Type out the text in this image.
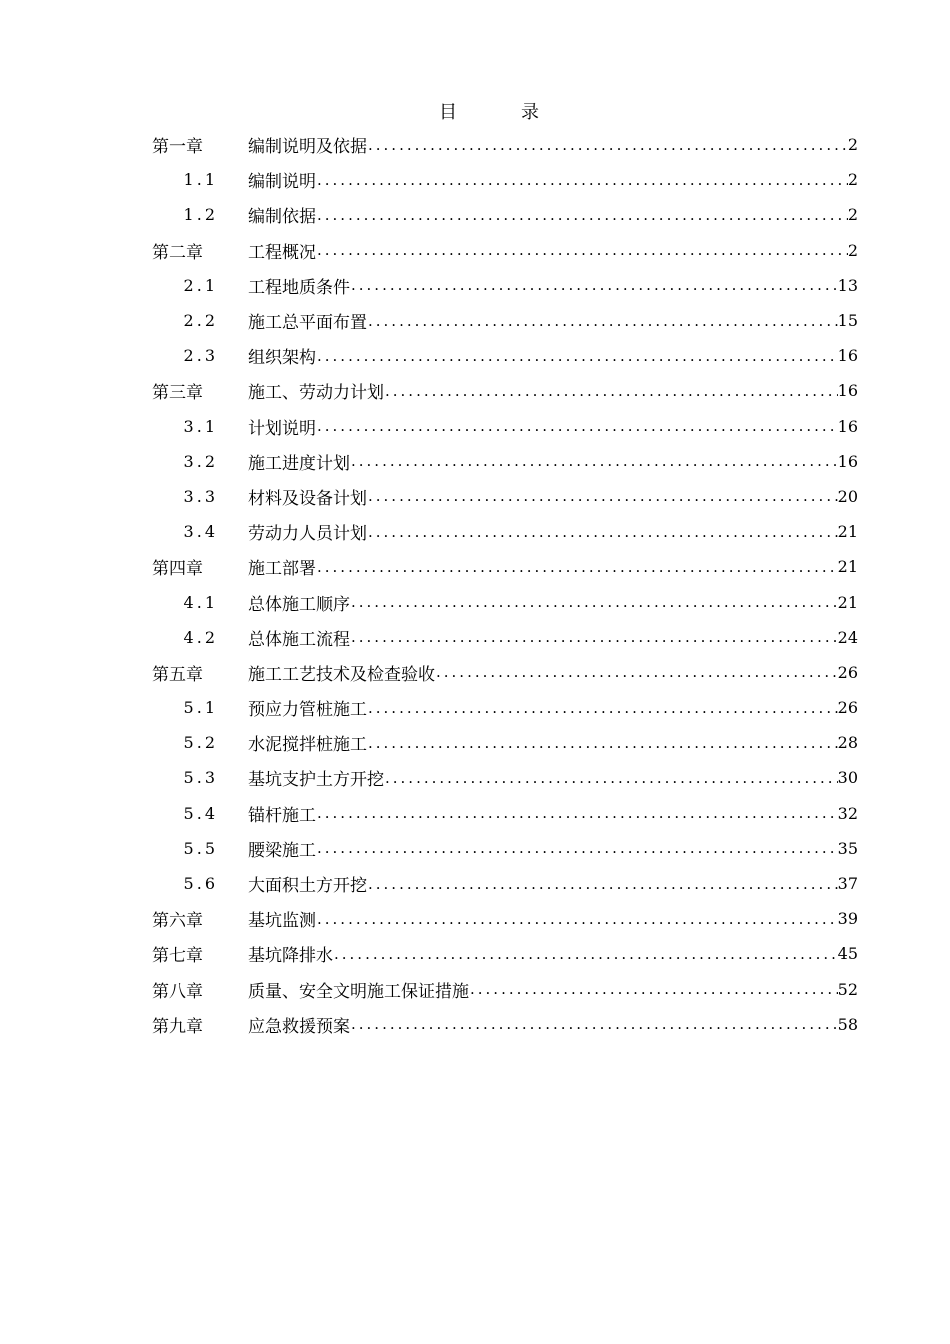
目	录
第一章	编制说明及依据 .....	2
1.1	编制说明 .....	2
1.2	编制依据 .....	2
第二章	工程概况 .....	2
2.1	工程地质条件 .....	13
2.2	施工总平面布置 .....	15
2.3	组织架构 .....	16
第三章	施工、劳动力计划 .....	16
3.1	计划说明 .....	16
3.2	施工进度计划 .....	16
3.3	材料及设备计划 .....	20
3.4	劳动力人员计划 .....	21
第四章	施工部署 .....	21
4.1	总体施工顺序 .....	21
4.2	总体施工流程 .....	24
第五章	施工工艺技术及检查验收 .....	26
5.1	预应力管桩施工 .....	26
5.2	水泥搅拌桩施工 .....	28
5.3	基坑支护土方开挖 .....	30
5.4	锚杆施工 .....	32
5.5	腰梁施工 .....	35
5.6	大面积土方开挖 .....	37
第六章	基坑监测 .....	39
第七章	基坑降排水 .....	45
第八章	质量、安全文明施工保证措施 .....	52
第九章	应急救援预案 .....	58
